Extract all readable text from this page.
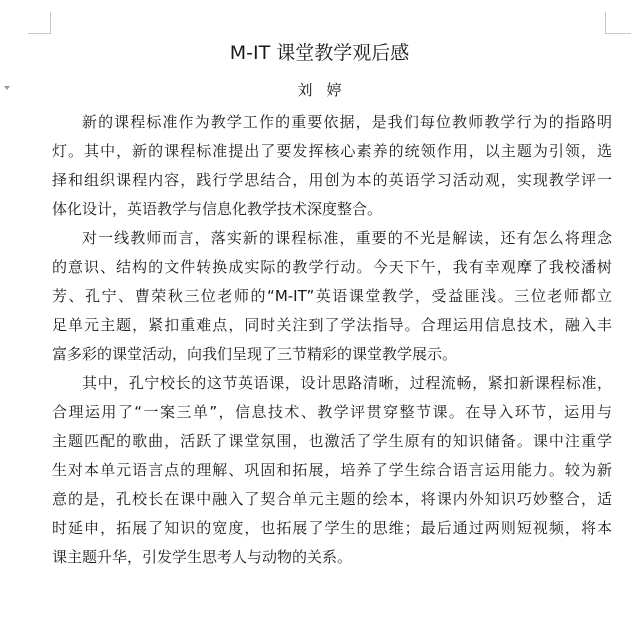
M-IT 课堂教学观后感
刘婷
新的课程标准作为教学工作的重要依据，是我们每位教师教学行为的指路明
灯。其中，新的课程标准提出了要发挥核心素养的统领作用，以主题为引领，选
择和组织课程内容，践行学思结合，用创为本的英语学习活动观，实现教学评一
体化设计，英语教学与信息化教学技术深度整合。
对一线教师而言，落实新的课程标准，重要的不光是解读，还有怎么将理念
的意识、结构的文件转换成实际的教学行动。今天下午，我有幸观摩了我校潘树
芳、孔宁、曹荣秋三位老师的“M-IT”英语课堂教学，受益匪浅。三位老师都立
足单元主题，紧扣重难点，同时关注到了学法指导。合理运用信息技术，融入丰
富多彩的课堂活动，向我们呈现了三节精彩的课堂教学展示。
其中，孔宁校长的这节英语课，设计思路清晰，过程流畅，紧扣新课程标准，
合理运用了“一案三单”，信息技术、教学评贯穿整节课。在导入环节，运用与
主题匹配的歌曲，活跃了课堂氛围，也激活了学生原有的知识储备。课中注重学
生对本单元语言点的理解、巩固和拓展，培养了学生综合语言运用能力。较为新
意的是，孔校长在课中融入了契合单元主题的绘本，将课内外知识巧妙整合，适
时延申，拓展了知识的宽度，也拓展了学生的思维；最后通过两则短视频，将本
课主题升华，引发学生思考人与动物的关系。
